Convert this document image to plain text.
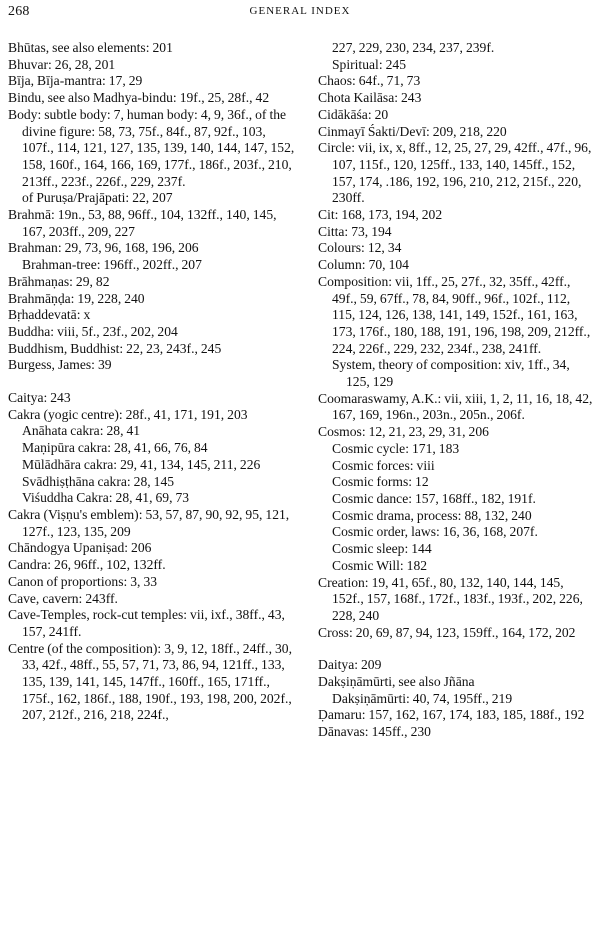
268	GENERAL INDEX
Bhūtas, see also elements: 201
Bhuvar: 26, 28, 201
Bīja, Bīja-mantra: 17, 29
Bindu, see also Madhya-bindu: 19f., 25, 28f., 42
Body: subtle body: 7, human body: 4, 9, 36f., of the divine figure: 58, 73, 75f., 84f., 87, 92f., 103, 107f., 114, 121, 127, 135, 139, 140, 144, 147, 152, 158, 160f., 164, 166, 169, 177f., 186f., 203f., 210, 213ff., 223f., 226f., 229, 237f.
of Puruṣa/Prajāpati: 22, 207
Brahmā: 19n., 53, 88, 96ff., 104, 132ff., 140, 145, 167, 203ff., 209, 227
Brahman: 29, 73, 96, 168, 196, 206
Brahman-tree: 196ff., 202ff., 207
Brāhmaṇas: 29, 82
Brahmāṇḍa: 19, 228, 240
Bṛhaddevatā: x
Buddha: viii, 5f., 23f., 202, 204
Buddhism, Buddhist: 22, 23, 243f., 245
Burgess, James: 39
Caitya: 243
Cakra (yogic centre): 28f., 41, 171, 191, 203
Anāhata cakra: 28, 41
Maṇipūra cakra: 28, 41, 66, 76, 84
Mūlādhāra cakra: 29, 41, 134, 145, 211, 226
Svādhiṣṭhāna cakra: 28, 145
Viśuddha Cakra: 28, 41, 69, 73
Cakra (Viṣṇu's emblem): 53, 57, 87, 90, 92, 95, 121, 127f., 123, 135, 209
Chāndogya Upaniṣad: 206
Candra: 26, 96ff., 102, 132ff.
Canon of proportions: 3, 33
Cave, cavern: 243ff.
Cave-Temples, rock-cut temples: vii, ixf., 38ff., 43, 157, 241ff.
Centre (of the composition): 3, 9, 12, 18ff., 24ff., 30, 33, 42f., 48ff., 55, 57, 71, 73, 86, 94, 121ff., 133, 135, 139, 141, 145, 147ff., 160ff., 165, 171ff., 175f., 162, 186f., 188, 190f., 193, 198, 200, 202f., 207, 212f., 216, 218, 224f.,
227, 229, 230, 234, 237, 239f.
Spiritual: 245
Chaos: 64f., 71, 73
Chota Kailāsa: 243
Cidākāśa: 20
Cinmayī Śakti/Devī: 209, 218, 220
Circle: vii, ix, x, 8ff., 12, 25, 27, 29, 42ff., 47f., 96, 107, 115f., 120, 125ff., 133, 140, 145ff., 152, 157, 174, .186, 192, 196, 210, 212, 215f., 220, 230ff.
Cit: 168, 173, 194, 202
Citta: 73, 194
Colours: 12, 34
Column: 70, 104
Composition: vii, 1ff., 25, 27f., 32, 35ff., 42ff., 49f., 59, 67ff., 78, 84, 90ff., 96f., 102f., 112, 115, 124, 126, 138, 141, 149, 152f., 161, 163, 173, 176f., 180, 188, 191, 196, 198, 209, 212ff., 224, 226f., 229, 232, 234f., 238, 241ff.
System, theory of composition: xiv, 1ff., 34, 125, 129
Coomaraswamy, A.K.: vii, xiii, 1, 2, 11, 16, 18, 42, 167, 169, 196n., 203n., 205n., 206f.
Cosmos: 12, 21, 23, 29, 31, 206
Cosmic cycle: 171, 183
Cosmic forces: viii
Cosmic forms: 12
Cosmic dance: 157, 168ff., 182, 191f.
Cosmic drama, process: 88, 132, 240
Cosmic order, laws: 16, 36, 168, 207f.
Cosmic sleep: 144
Cosmic Will: 182
Creation: 19, 41, 65f., 80, 132, 140, 144, 145, 152f., 157, 168f., 172f., 183f., 193f., 202, 226, 228, 240
Cross: 20, 69, 87, 94, 123, 159ff., 164, 172, 202
Daitya: 209
Dakṣiṇāmūrti, see also Jñāna
Dakṣiṇāmūrti: 40, 74, 195ff., 219
Ḍamaru: 157, 162, 167, 174, 183, 185, 188f., 192
Dānavas: 145ff., 230
